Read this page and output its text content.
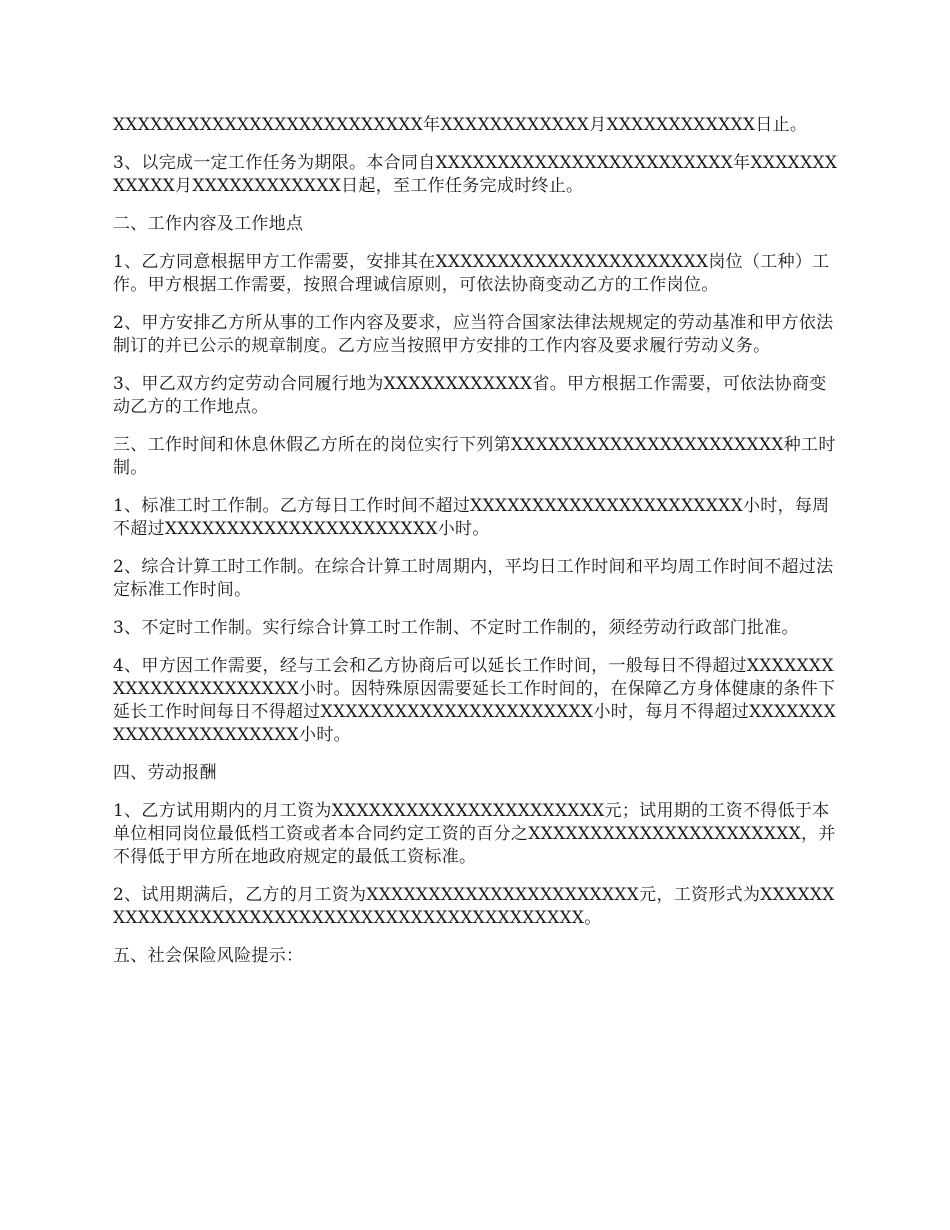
XXXXXXXXXXXXXXXXXXXXXXXXX年XXXXXXXXXXXX月XXXXXXXXXXXX日止。

3、以完成一定工作任务为期限。本合同自XXXXXXXXXXXXXXXXXXXXXXXX年XXXXXXXXXXXX月XXXXXXXXXXXX日起，至工作任务完成时终止。

二、工作内容及工作地点

1、乙方同意根据甲方工作需要，安排其在XXXXXXXXXXXXXXXXXXXXXX岗位（工种）工作。甲方根据工作需要，按照合理诚信原则，可依法协商变动乙方的工作岗位。

2、甲方安排乙方所从事的工作内容及要求，应当符合国家法律法规规定的劳动基准和甲方依法制订的并已公示的规章制度。乙方应当按照甲方安排的工作内容及要求履行劳动义务。

3、甲乙双方约定劳动合同履行地为XXXXXXXXXXXX省。甲方根据工作需要，可依法协商变动乙方的工作地点。

三、工作时间和休息休假乙方所在的岗位实行下列第XXXXXXXXXXXXXXXXXXXXXX种工时制。

1、标准工时工作制。乙方每日工作时间不超过XXXXXXXXXXXXXXXXXXXXXX小时，每周不超过XXXXXXXXXXXXXXXXXXXXXX小时。

2、综合计算工时工作制。在综合计算工时周期内，平均日工作时间和平均周工作时间不超过法定标准工作时间。

3、不定时工作制。实行综合计算工时工作制、不定时工作制的，须经劳动行政部门批准。

4、甲方因工作需要，经与工会和乙方协商后可以延长工作时间，一般每日不得超过XXXXXXXXXXXXXXXXXXXXXX小时。因特殊原因需要延长工作时间的，在保障乙方身体健康的条件下延长工作时间每日不得超过XXXXXXXXXXXXXXXXXXXXXX小时，每月不得超过XXXXXXXXXXXXXXXXXXXXXX小时。

四、劳动报酬

1、乙方试用期内的月工资为XXXXXXXXXXXXXXXXXXXXXX元；试用期的工资不得低于本单位相同岗位最低档工资或者本合同约定工资的百分之XXXXXXXXXXXXXXXXXXXXXX，并不得低于甲方所在地政府规定的最低工资标准。

2、试用期满后，乙方的月工资为XXXXXXXXXXXXXXXXXXXXXX元，工资形式为XXXXXXXXXXXXXXXXXXXXXXXXXXXXXXXXXXXXXXXXXXXX。

五、社会保险风险提示：
